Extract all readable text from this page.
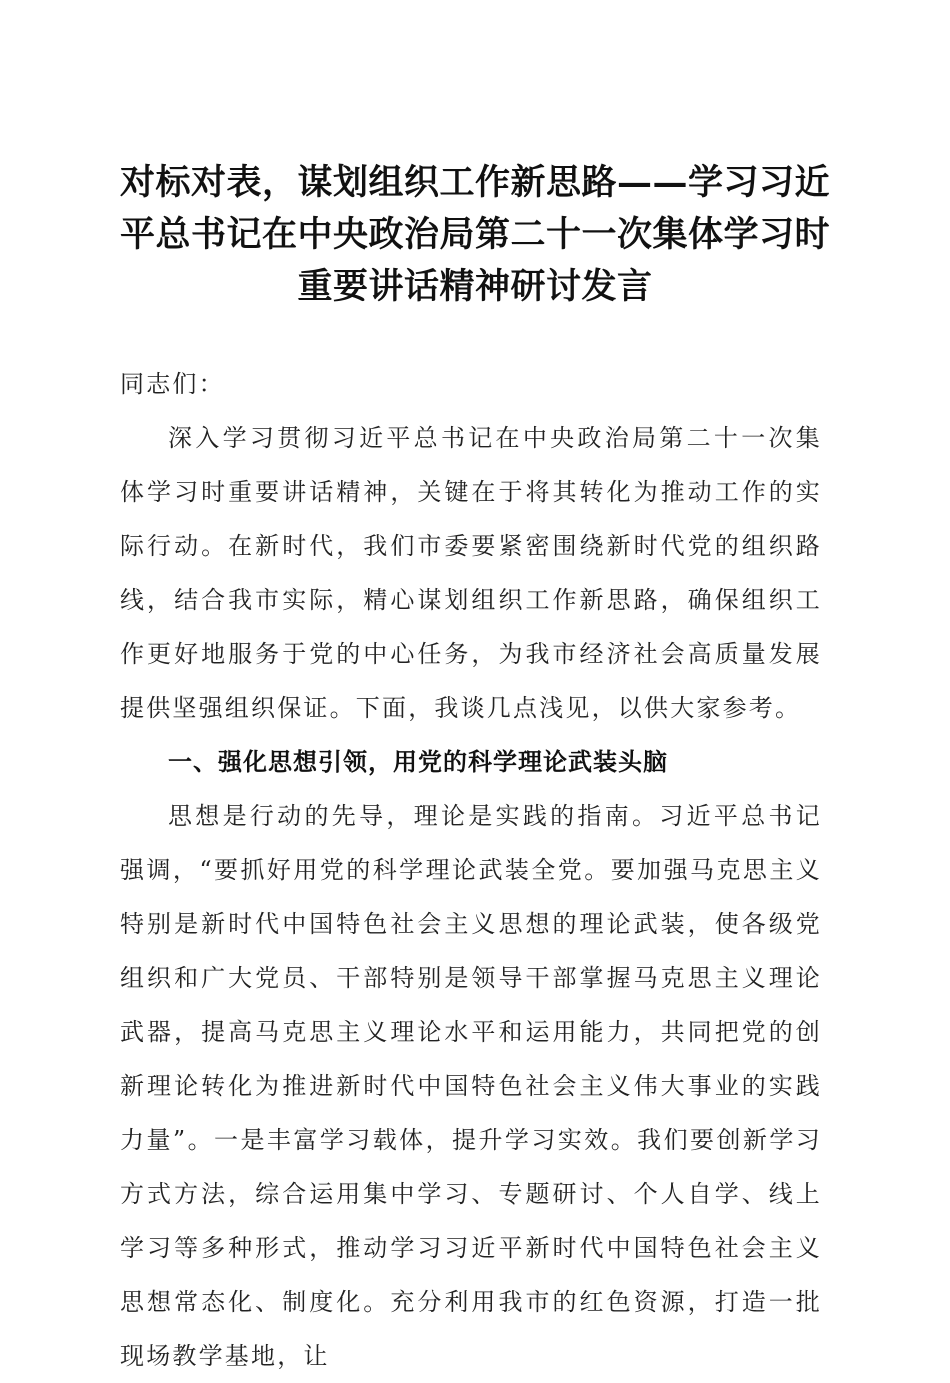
对标对表，谋划组织工作新思路——学习习近平总书记在中央政治局第二十一次集体学习时重要讲话精神研讨发言

同志们：

深入学习贯彻习近平总书记在中央政治局第二十一次集体学习时重要讲话精神，关键在于将其转化为推动工作的实际行动。在新时代，我们市委要紧密围绕新时代党的组织路线，结合我市实际，精心谋划组织工作新思路，确保组织工作更好地服务于党的中心任务，为我市经济社会高质量发展提供坚强组织保证。下面，我谈几点浅见，以供大家参考。

一、强化思想引领，用党的科学理论武装头脑

思想是行动的先导，理论是实践的指南。习近平总书记强调，“要抓好用党的科学理论武装全党。要加强马克思主义特别是新时代中国特色社会主义思想的理论武装，使各级党组织和广大党员、干部特别是领导干部掌握马克思主义理论武器，提高马克思主义理论水平和运用能力，共同把党的创新理论转化为推进新时代中国特色社会主义伟大事业的实践力量”。一是丰富学习载体，提升学习实效。我们要创新学习方式方法，综合运用集中学习、专题研讨、个人自学、线上学习等多种形式，推动学习习近平新时代中国特色社会主义思想常态化、制度化。充分利用我市的红色资源，打造一批现场教学基地，让
